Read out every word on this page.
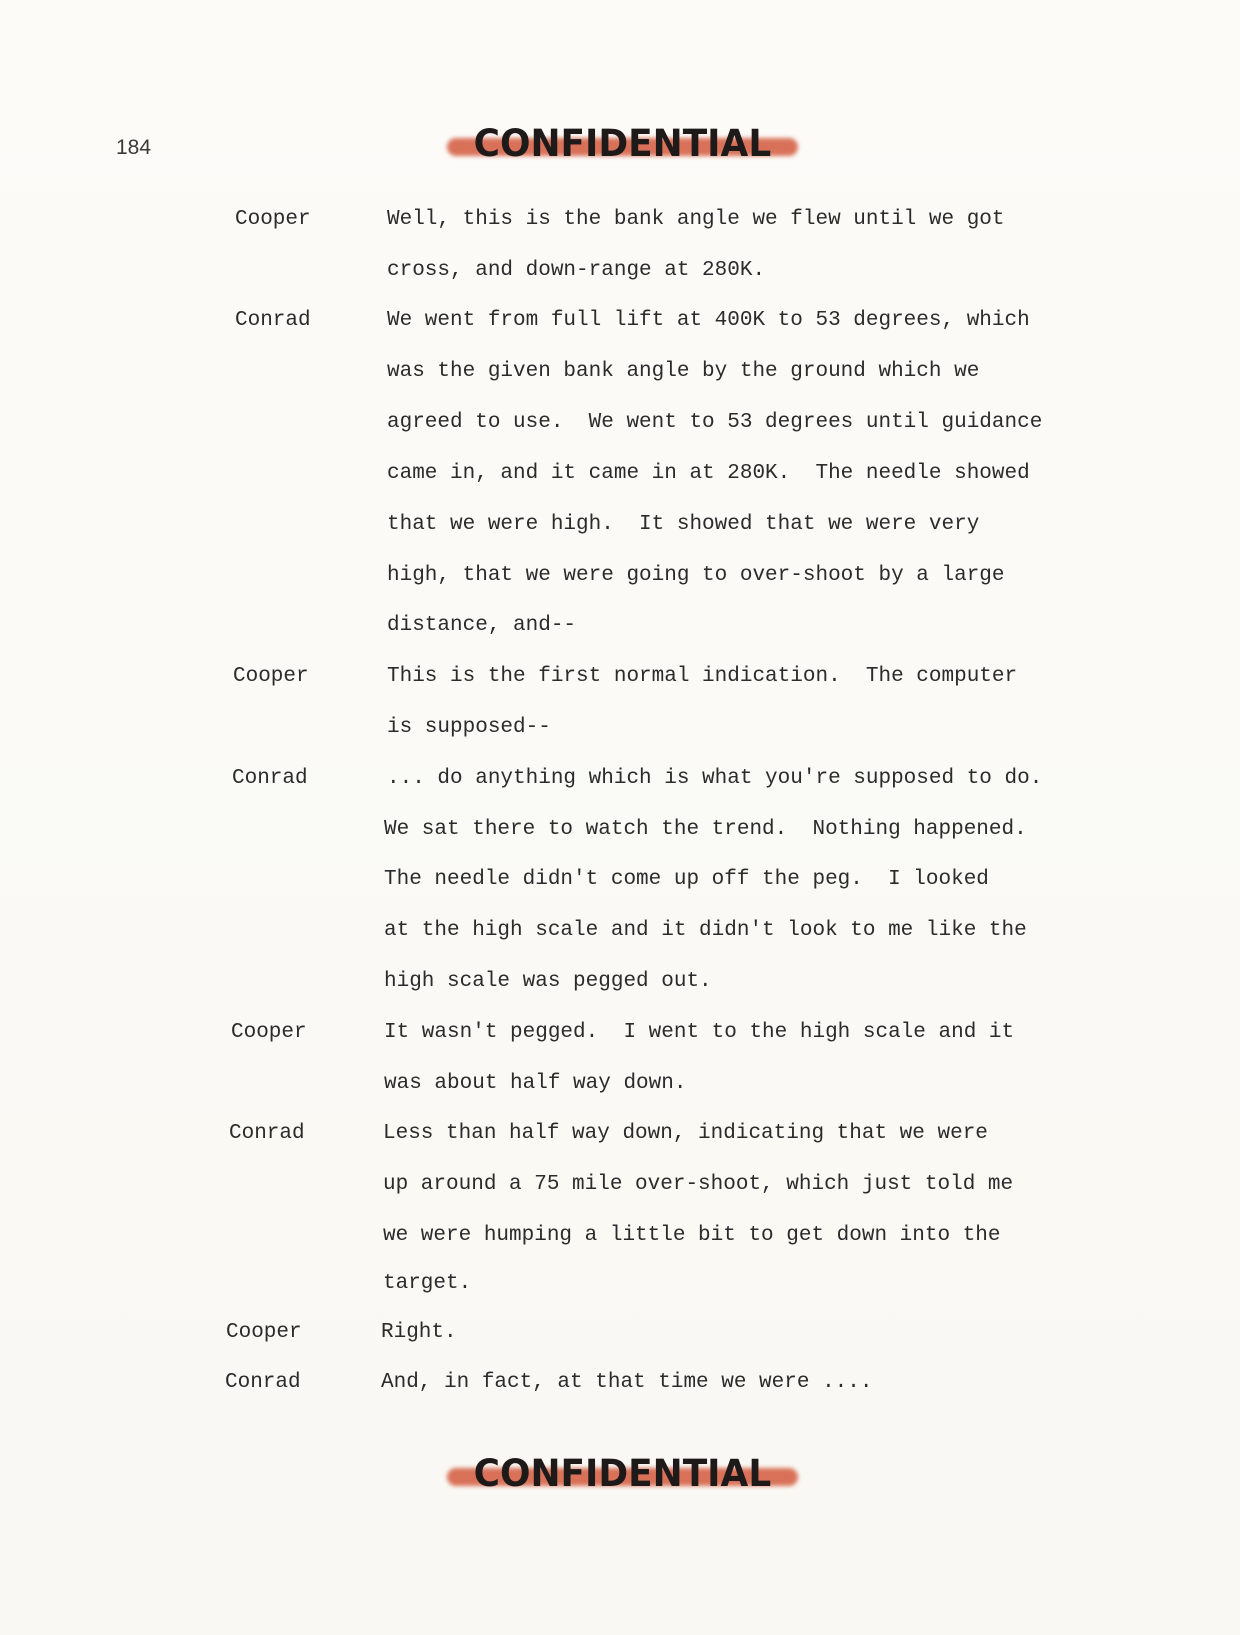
184	CONFIDENTIAL

Cooper

	Well, this is the bank angle we flew until we got

cross, and down-range at 280K.

Conrad

	We went from full lift at 400K to 53 degrees, which

was the given bank angle by the ground which we

agreed to use.  We went to 53 degrees until guidance

came in, and it came in at 280K.  The needle showed

that we were high.  It showed that we were very

high, that we were going to over-shoot by a large

distance, and--

Cooper

	This is the first normal indication.  The computer

is supposed--

Conrad

	... do anything which is what you're supposed to do.

We sat there to watch the trend.  Nothing happened.

The needle didn't come up off the peg.  I looked

at the high scale and it didn't look to me like the

high scale was pegged out.

Cooper

	It wasn't pegged.  I went to the high scale and it

was about half way down.

Conrad

	Less than half way down, indicating that we were

up around a 75 mile over-shoot, which just told me

we were humping a little bit to get down into the

target.

Cooper

	Right.

Conrad

	And, in fact, at that time we were ....

CONFIDENTIAL
